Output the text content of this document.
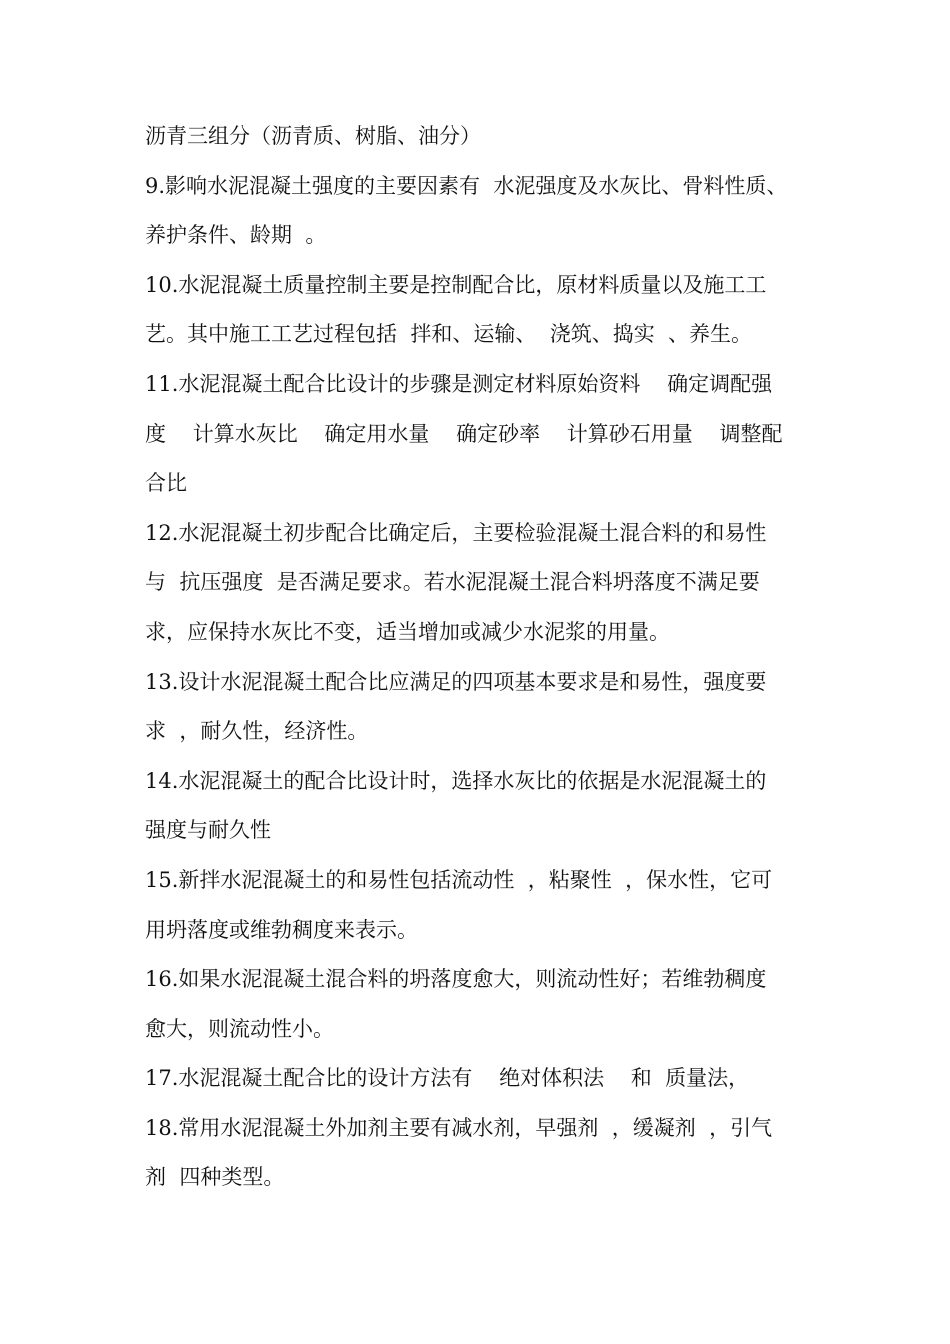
沥青三组分（沥青质、树脂、油分）
9.影响水泥混凝土强度的主要因素有  水泥强度及水灰比、骨料性质、
养护条件、龄期  。
10.水泥混凝土质量控制主要是控制配合比，原材料质量以及施工工
艺。其中施工工艺过程包括  拌和、运输、  浇筑、捣实  、养生。
11.水泥混凝土配合比设计的步骤是测定材料原始资料    确定调配强
度    计算水灰比    确定用水量    确定砂率    计算砂石用量    调整配
合比
12.水泥混凝土初步配合比确定后，主要检验混凝土混合料的和易性
与  抗压强度  是否满足要求。若水泥混凝土混合料坍落度不满足要
求，应保持水灰比不变，适当增加或减少水泥浆的用量。
13.设计水泥混凝土配合比应满足的四项基本要求是和易性，强度要
求  ，耐久性，经济性。
14.水泥混凝土的配合比设计时，选择水灰比的依据是水泥混凝土的
强度与耐久性
15.新拌水泥混凝土的和易性包括流动性  ，粘聚性  ，保水性，它可
用坍落度或维勃稠度来表示。
16.如果水泥混凝土混合料的坍落度愈大，则流动性好；若维勃稠度
愈大，则流动性小。
17.水泥混凝土配合比的设计方法有    绝对体积法    和  质量法，
18.常用水泥混凝土外加剂主要有减水剂，早强剂  ，缓凝剂  ，引气
剂  四种类型。
